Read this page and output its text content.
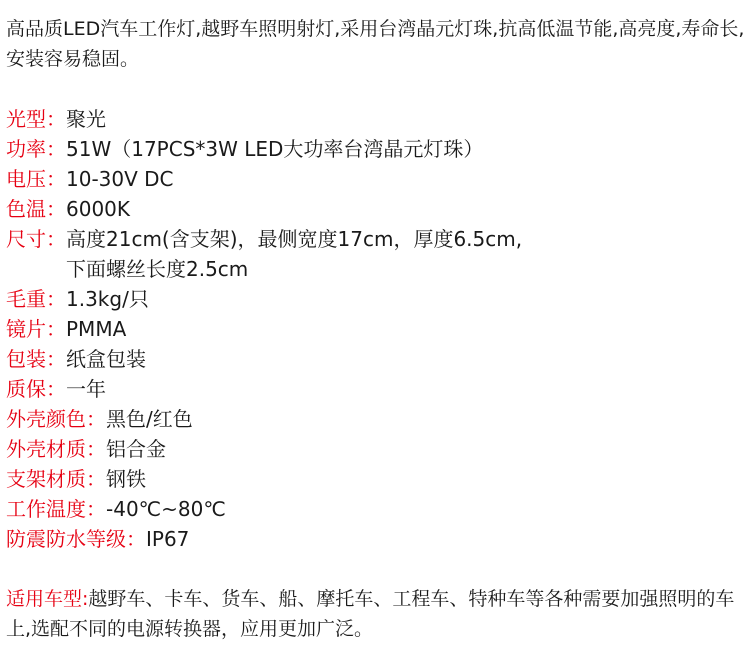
高品质LED汽车工作灯,越野车照明射灯,采用台湾晶元灯珠,抗高低温节能,高亮度,寿命长,安装容易稳固。

光型： 聚光
功率： 51W（17PCS*3W LED大功率台湾晶元灯珠）
电压： 10-30V DC
色温： 6000K
尺寸： 高度21cm(含支架)，最侧宽度17cm，厚度6.5cm,
下面螺丝长度2.5cm
毛重： 1.3kg/只
镜片： PMMA
包装： 纸盒包装
质保： 一年
外壳颜色： 黑色/红色
外壳材质： 铝合金
支架材质： 钢铁
工作温度： -40℃~80℃
防震防水等级： IP67

适用车型:越野车、卡车、货车、船、摩托车、工程车、特种车等各种需要加强照明的车上,选配不同的电源转换器，应用更加广泛。
